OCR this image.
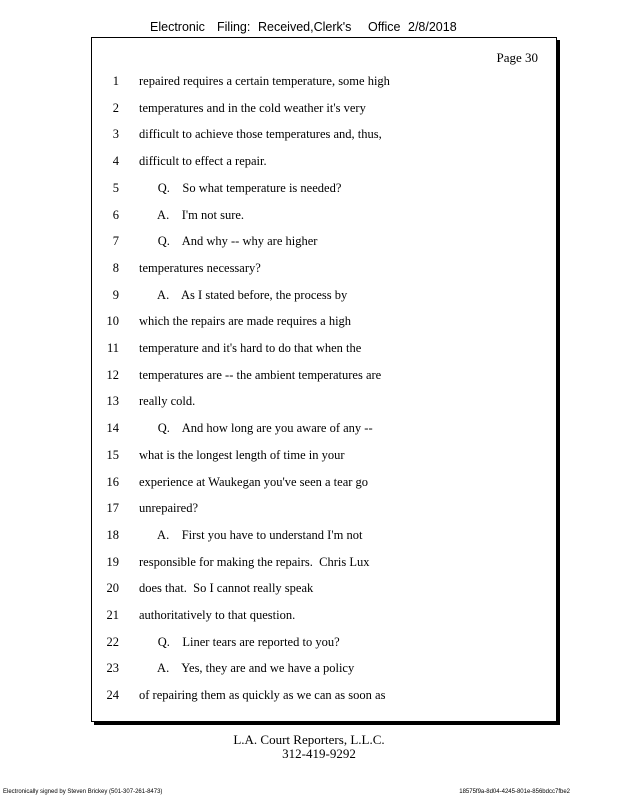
Electronic Filing: Received,Clerk's Office 2/8/2018
Page 30
1 repaired requires a certain temperature, some high
2 temperatures and in the cold weather it's very
3 difficult to achieve those temperatures and, thus,
4 difficult to effect a repair.
5 Q.    So what temperature is needed?
6 A.    I'm not sure.
7 Q.    And why -- why are higher
8 temperatures necessary?
9 A.    As I stated before, the process by
10 which the repairs are made requires a high
11 temperature and it's hard to do that when the
12 temperatures are -- the ambient temperatures are
13 really cold.
14 Q.    And how long are you aware of any --
15 what is the longest length of time in your
16 experience at Waukegan you've seen a tear go
17 unrepaired?
18 A.    First you have to understand I'm not
19 responsible for making the repairs.  Chris Lux
20 does that.  So I cannot really speak
21 authoritatively to that question.
22 Q.    Liner tears are reported to you?
23 A.    Yes, they are and we have a policy
24 of repairing them as quickly as we can as soon as
L.A. Court Reporters, L.L.C.
312-419-9292
Electronically signed by Steven Brickey (501-307-261-8473)	18575f9a-8d04-4245-801e-856bdcc7fbe2
